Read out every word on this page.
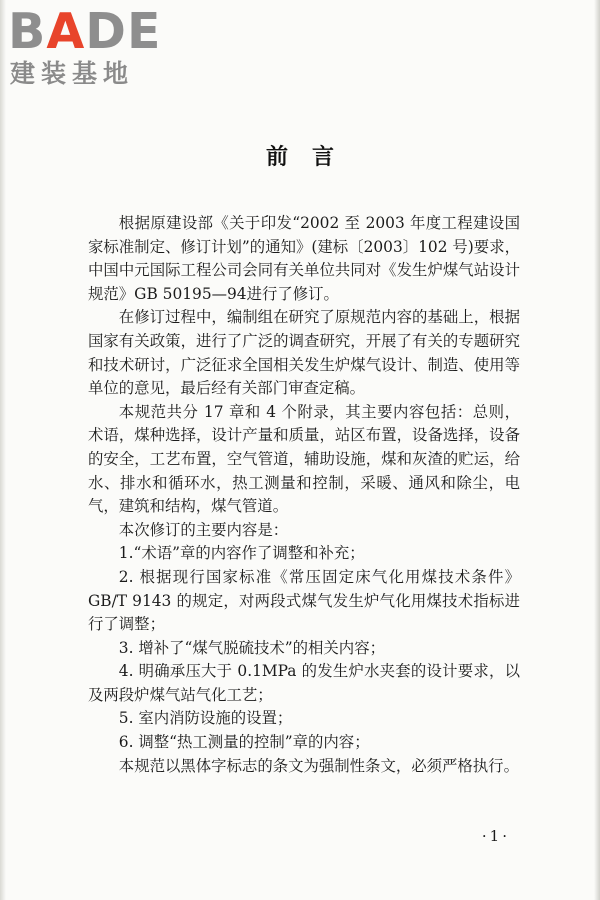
BADE
建装基地
前言

根据原建设部《关于印发“2002 至 2003 年度工程建设国家标准制定、修订计划”的通知》(建标〔2003〕102 号)要求，中国中元国际工程公司会同有关单位共同对《发生炉煤气站设计规范》GB 50195—94进行了修订。

在修订过程中，编制组在研究了原规范内容的基础上，根据国家有关政策，进行了广泛的调查研究，开展了有关的专题研究和技术研讨，广泛征求全国相关发生炉煤气设计、制造、使用等单位的意见，最后经有关部门审查定稿。

本规范共分 17 章和 4 个附录，其主要内容包括：总则，术语，煤种选择，设计产量和质量，站区布置，设备选择，设备的安全，工艺布置，空气管道，辅助设施，煤和灰渣的贮运，给水、排水和循环水，热工测量和控制，采暖、通风和除尘，电气，建筑和结构，煤气管道。

本次修订的主要内容是：

1.“术语”章的内容作了调整和补充；

2. 根据现行国家标准《常压固定床气化用煤技术条件》GB/T 9143 的规定，对两段式煤气发生炉气化用煤技术指标进行了调整；

3. 增补了“煤气脱硫技术”的相关内容；

4. 明确承压大于 0.1MPa 的发生炉水夹套的设计要求，以及两段炉煤气站气化工艺；

5. 室内消防设施的设置；

6. 调整“热工测量的控制”章的内容；

本规范以黑体字标志的条文为强制性条文，必须严格执行。

·1·
